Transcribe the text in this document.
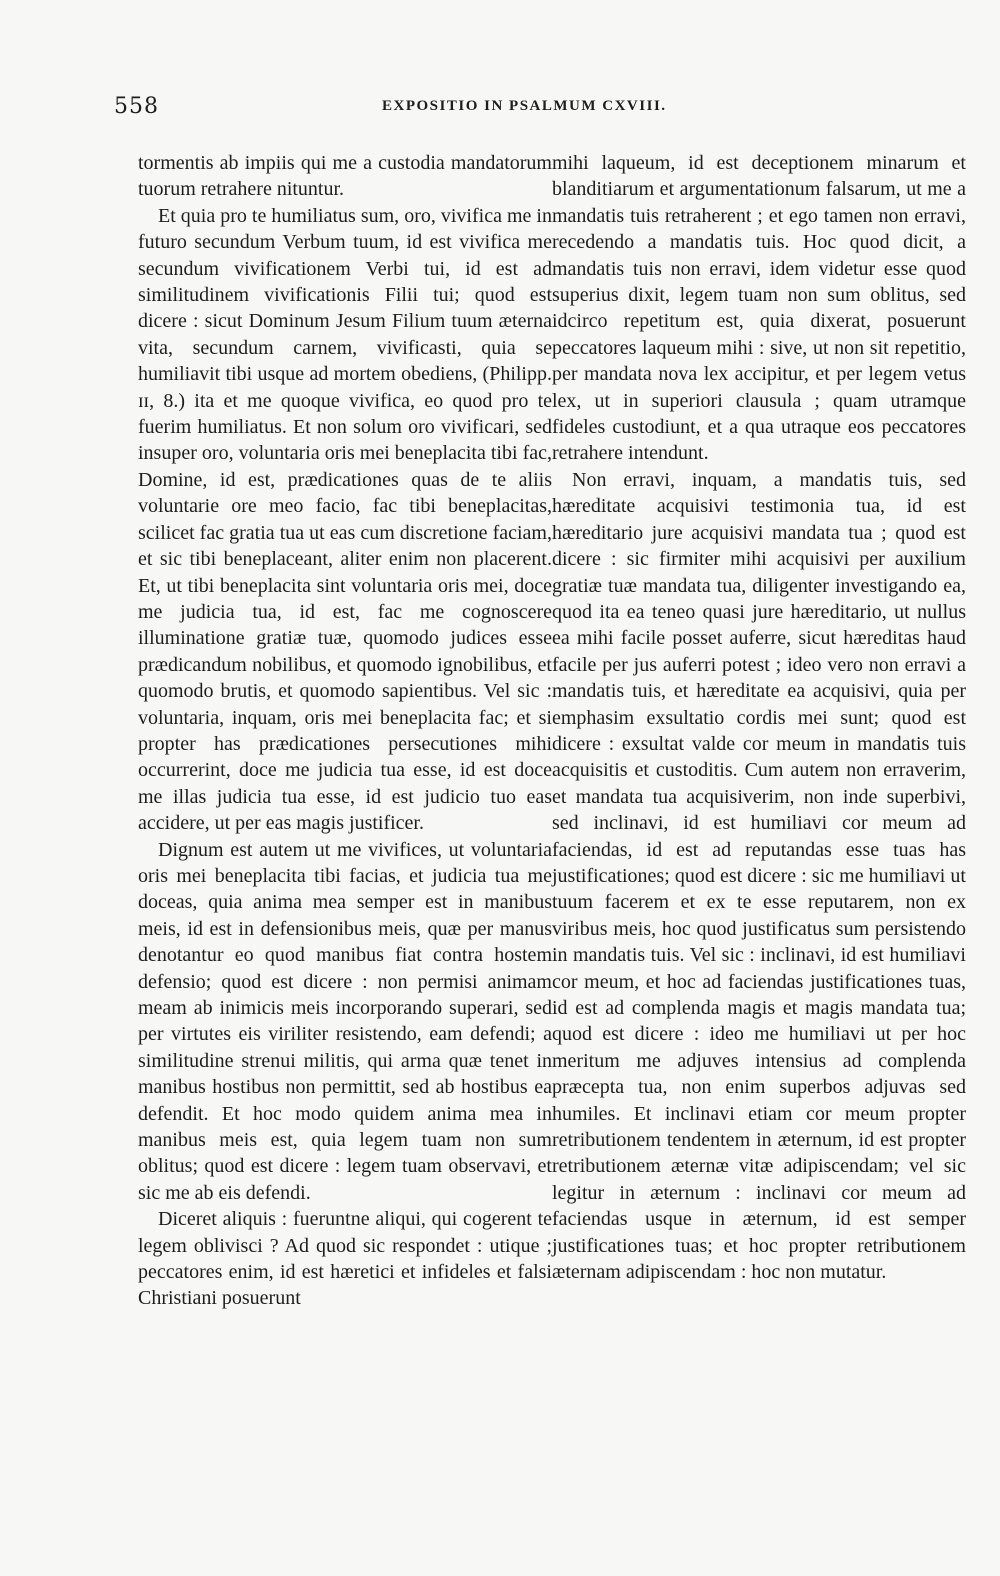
558	EXPOSITIO IN PSALMUM CXVIII.

tormentis ab impiis qui me a custodia mandatorum tuorum retrahere nituntur.

Et quia pro te humiliatus sum, oro, vivifica me in futuro secundum Verbum tuum, id est vivifica me secundum vivificationem Verbi tui, id est ad similitudinem vivificationis Filii tui; quod est dicere : sicut Dominum Jesum Filium tuum æterna vita, secundum carnem, vivificasti, quia se humiliavit tibi usque ad mortem obediens, (Philipp. ɪɪ, 8.) ita et me quoque vivifica, eo quod pro te fuerim humiliatus. Et non solum oro vivificari, sed insuper oro, voluntaria oris mei beneplacita tibi fac, Domine, id est, prædicationes quas de te aliis voluntarie ore meo facio, fac tibi beneplacitas, scilicet fac gratia tua ut eas cum discretione faciam, et sic tibi beneplaceant, aliter enim non placerent. Et, ut tibi beneplacita sint voluntaria oris mei, doce me judicia tua, id est, fac me cognoscere illuminatione gratiæ tuæ, quomodo judices esse prædicandum nobilibus, et quomodo ignobilibus, et quomodo brutis, et quomodo sapientibus. Vel sic : voluntaria, inquam, oris mei beneplacita fac; et si propter has prædicationes persecutiones mihi occurrerint, doce me judicia tua esse, id est doce me illas judicia tua esse, id est judicio tuo eas accidere, ut per eas magis justificer.

Dignum est autem ut me vivifices, ut voluntaria oris mei beneplacita tibi facias, et judicia tua me doceas, quia anima mea semper est in manibus meis, id est in defensionibus meis, quæ per manus denotantur eo quod manibus fiat contra hostem defensio; quod est dicere : non permisi animam meam ab inimicis meis incorporando superari, sed per virtutes eis viriliter resistendo, eam defendi; a similitudine strenui militis, qui arma quæ tenet in manibus hostibus non permittit, sed ab hostibus ea defendit. Et hoc modo quidem anima mea in manibus meis est, quia legem tuam non sum oblitus; quod est dicere : legem tuam observavi, et sic me ab eis defendi.

Diceret aliquis : fueruntne aliqui, qui cogerent te legem oblivisci ? Ad quod sic respondet : utique ; peccatores enim, id est hæretici et infideles et falsi Christiani posuerunt

mihi laqueum, id est deceptionem minarum et blanditiarum et argumentationum falsarum, ut me a mandatis tuis retraherent ; et ego tamen non erravi, recedendo a mandatis tuis. Hoc quod dicit, a mandatis tuis non erravi, idem videtur esse quod superius dixit, legem tuam non sum oblitus, sed idcirco repetitum est, quia dixerat, posuerunt peccatores laqueum mihi : sive, ut non sit repetitio, per mandata nova lex accipitur, et per legem vetus lex, ut in superiori clausula ; quam utramque fideles custodiunt, et a qua utraque eos peccatores retrahere intendunt.

Non erravi, inquam, a mandatis tuis, sed hæreditate acquisivi testimonia tua, id est hæreditario jure acquisivi mandata tua ; quod est dicere : sic firmiter mihi acquisivi per auxilium gratiæ tuæ mandata tua, diligenter investigando ea, quod ita ea teneo quasi jure hæreditario, ut nullus ea mihi facile posset auferre, sicut hæreditas haud facile per jus auferri potest ; ideo vero non erravi a mandatis tuis, et hæreditate ea acquisivi, quia per emphasim exsultatio cordis mei sunt; quod est dicere : exsultat valde cor meum in mandatis tuis acquisitis et custoditis. Cum autem non erraverim, et mandata tua acquisiverim, non inde superbivi, sed inclinavi, id est humiliavi cor meum ad faciendas, id est ad reputandas esse tuas has justificationes; quod est dicere : sic me humiliavi ut tuum facerem et ex te esse reputarem, non ex viribus meis, hoc quod justificatus sum persistendo in mandatis tuis. Vel sic : inclinavi, id est humiliavi cor meum, et hoc ad faciendas justificationes tuas, id est ad complenda magis et magis mandata tua; quod est dicere : ideo me humiliavi ut per hoc meritum me adjuves intensius ad complenda præcepta tua, non enim superbos adjuvas sed humiles. Et inclinavi etiam cor meum propter retributionem tendentem in æternum, id est propter retributionem æternæ vitæ adipiscendam; vel sic legitur in æternum : inclinavi cor meum ad faciendas usque in æternum, id est semper justificationes tuas; et hoc propter retributionem æternam adipiscendam : hoc non mutatur.
